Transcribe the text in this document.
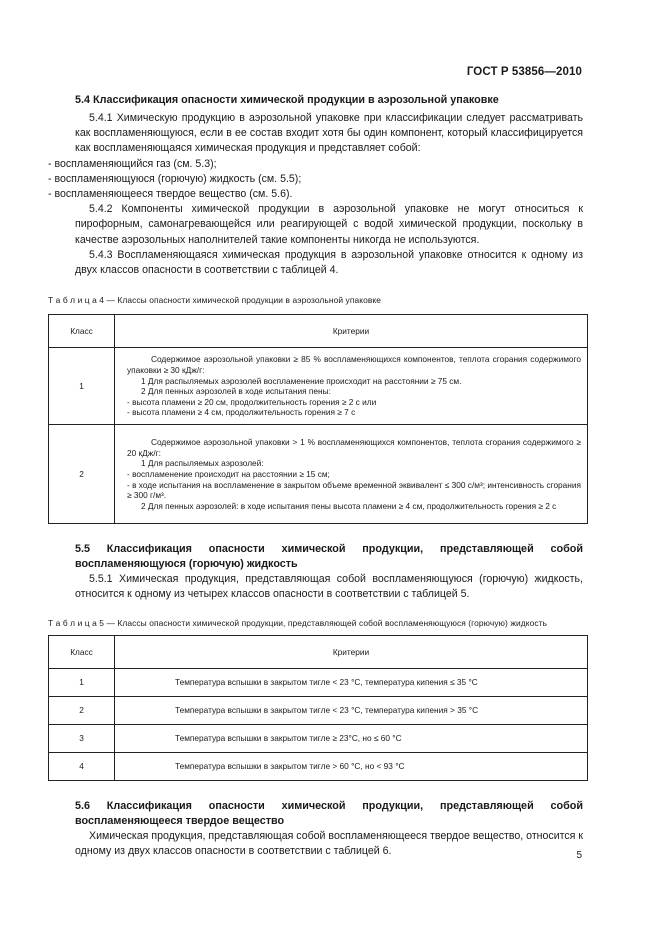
ГОСТ Р 53856—2010

5.4 Классификация опасности химической продукции в аэрозольной упаковке

5.4.1 Химическую продукцию в аэрозольной упаковке при классификации следует рассматривать как воспламеняющуюся, если в ее состав входит хотя бы один компонент, который классифицируется как воспламеняющаяся химическая продукция и представляет собой:

- воспламеняющийся газ (см. 5.3);

- воспламеняющуюся (горючую) жидкость (см. 5.5);

- воспламеняющееся твердое вещество (см. 5.6).

5.4.2 Компоненты химической продукции в аэрозольной упаковке не могут относиться к пирофорным, самонагревающейся или реагирующей с водой химической продукции, поскольку в качестве аэрозольных наполнителей такие компоненты никогда не используются.

5.4.3 Воспламеняющаяся химическая продукция в аэрозольной упаковке относится к одному из двух классов опасности в соответствии с таблицей 4.

Т а б л и ц а 4 — Классы опасности химической продукции в аэрозольной упаковке

Класс	Критерии
1	Содержимое аэрозольной упаковки ≥ 85 % воспламеняющихся компонентов, теплота сгорания содержимого упаковки ≥ 30 кДж/г:
1 Для распыляемых аэрозолей воспламенение происходит на расстоянии ≥ 75 см.
2 Для пенных аэрозолей в ходе испытания пены:
- высота пламени ≥ 20 см, продолжительность горения ≥ 2 с или
- высота пламени ≥ 4 см, продолжительность горения ≥ 7 с

2	Содержимое аэрозольной упаковки > 1 % воспламеняющихся компонентов, теплота сгорания содержимого ≥ 20 кДж/г:
1 Для распыляемых аэрозолей:
- воспламенение происходит на расстоянии ≥ 15 см;
- в ходе испытания на воспламенение в закрытом объеме временной эквивалент ≤ 300 с/м³; интенсивность сгорания ≥ 300 г/м³.
2 Для пенных аэрозолей: в ходе испытания пены высота пламени ≥ 4 см, продолжительность горения ≥ 2 с

5.5 Классификация опасности химической продукции, представляющей собой воспламеняющуюся (горючую) жидкость

5.5.1 Химическая продукция, представляющая собой воспламеняющуюся (горючую) жидкость, относится к одному из четырех классов опасности в соответствии с таблицей 5.

Т а б л и ц а 5 — Классы опасности химической продукции, представляющей собой воспламеняющуюся (горючую) жидкость

Класс	Критерии
1	Температура вспышки в закрытом тигле < 23 °С, температура кипения ≤ 35 °С
2	Температура вспышки в закрытом тигле < 23 °С, температура кипения > 35 °С
3	Температура вспышки в закрытом тигле ≥ 23°С, но ≤ 60 °С
4	Температура вспышки в закрытом тигле > 60 °С, но < 93 °С

5.6 Классификация опасности химической продукции, представляющей собой воспламеняющееся твердое вещество

Химическая продукция, представляющая собой воспламеняющееся твердое вещество, относится к одному из двух классов опасности в соответствии с таблицей 6.	5
